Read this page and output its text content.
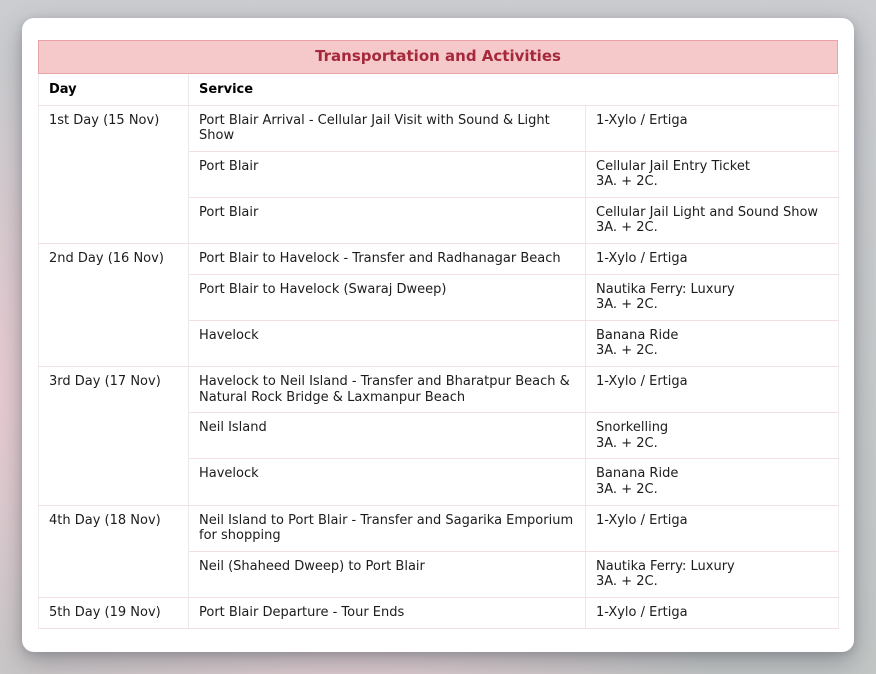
Transportation and Activities
Day	Service	
1st Day (15 Nov)	Port Blair Arrival - Cellular Jail Visit with Sound & Light Show	1-Xylo / Ertiga

	Port Blair	Cellular Jail Entry Ticket
3A. + 2C.

	Port Blair	Cellular Jail Light and Sound Show
3A. + 2C.

2nd Day (16 Nov)	Port Blair to Havelock - Transfer and Radhanagar Beach	1-Xylo / Ertiga

	Port Blair to Havelock (Swaraj Dweep)	Nautika Ferry: Luxury
3A. + 2C.

	Havelock	Banana Ride
3A. + 2C.

3rd Day (17 Nov)	Havelock to Neil Island - Transfer and Bharatpur Beach & Natural Rock Bridge & Laxmanpur Beach	1-Xylo / Ertiga

	Neil Island	Snorkelling
3A. + 2C.

	Havelock	Banana Ride
3A. + 2C.

4th Day (18 Nov)	Neil Island to Port Blair - Transfer and Sagarika Emporium for shopping	1-Xylo / Ertiga

	Neil (Shaheed Dweep) to Port Blair	Nautika Ferry: Luxury
3A. + 2C.

5th Day (19 Nov)	Port Blair Departure - Tour Ends	1-Xylo / Ertiga
